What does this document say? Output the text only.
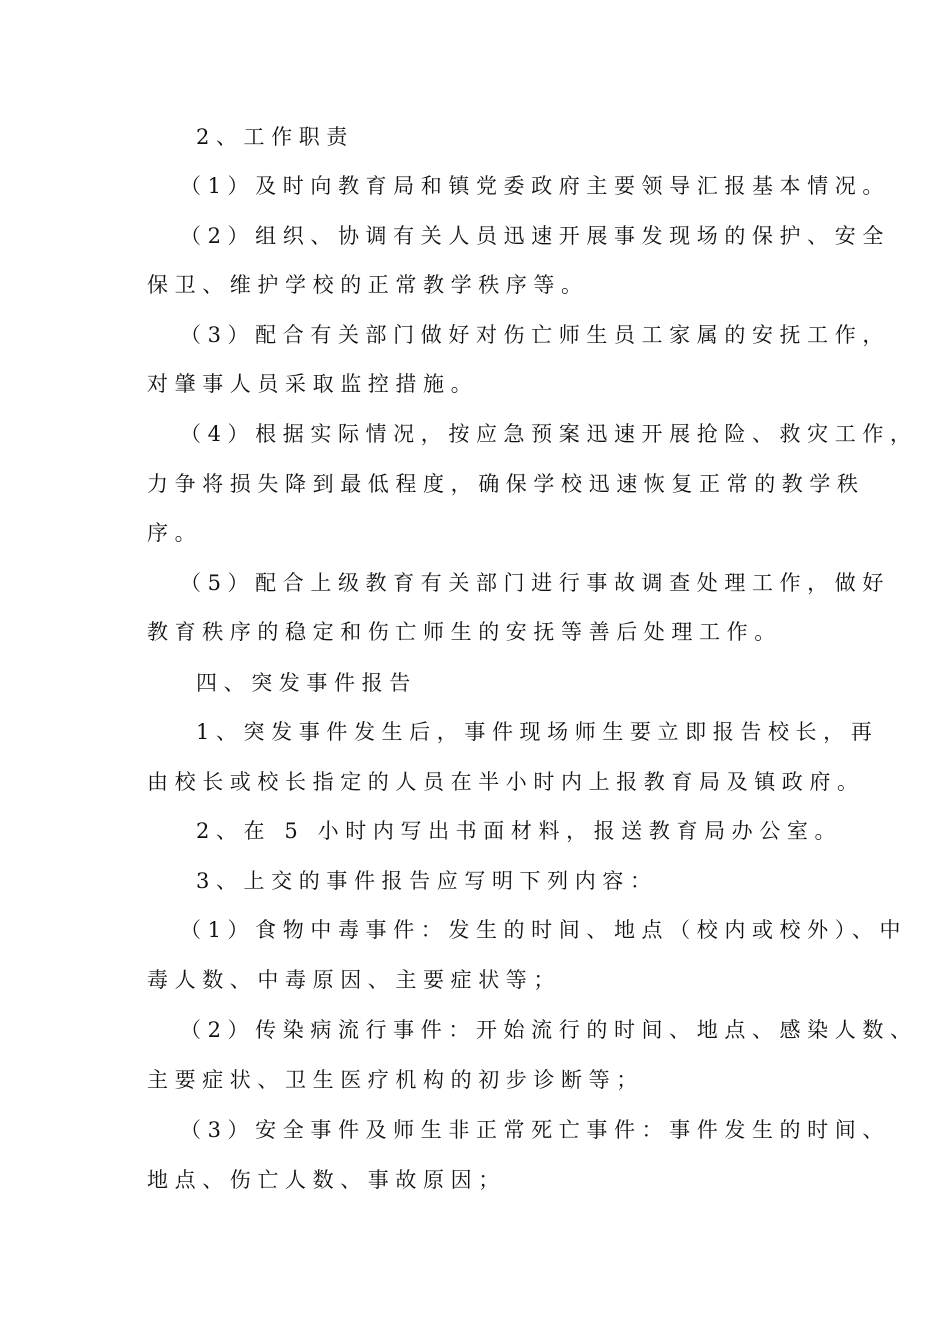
2、工作职责
（1）及时向教育局和镇党委政府主要领导汇报基本情况。
（2）组织、协调有关人员迅速开展事发现场的保护、安全
保卫、维护学校的正常教学秩序等。
（3）配合有关部门做好对伤亡师生员工家属的安抚工作，
对肇事人员采取监控措施。
（4）根据实际情况，按应急预案迅速开展抢险、救灾工作，
力争将损失降到最低程度，确保学校迅速恢复正常的教学秩
序。
（5）配合上级教育有关部门进行事故调查处理工作，做好
教育秩序的稳定和伤亡师生的安抚等善后处理工作。
四、突发事件报告
1、突发事件发生后，事件现场师生要立即报告校长，再
由校长或校长指定的人员在半小时内上报教育局及镇政府。
2、在 5 小时内写出书面材料，报送教育局办公室。
3、上交的事件报告应写明下列内容：
（1）食物中毒事件：发生的时间、地点（校内或校外）、中
毒人数、中毒原因、主要症状等；
（2）传染病流行事件：开始流行的时间、地点、感染人数、
主要症状、卫生医疗机构的初步诊断等；
（3）安全事件及师生非正常死亡事件：事件发生的时间、
地点、伤亡人数、事故原因；
